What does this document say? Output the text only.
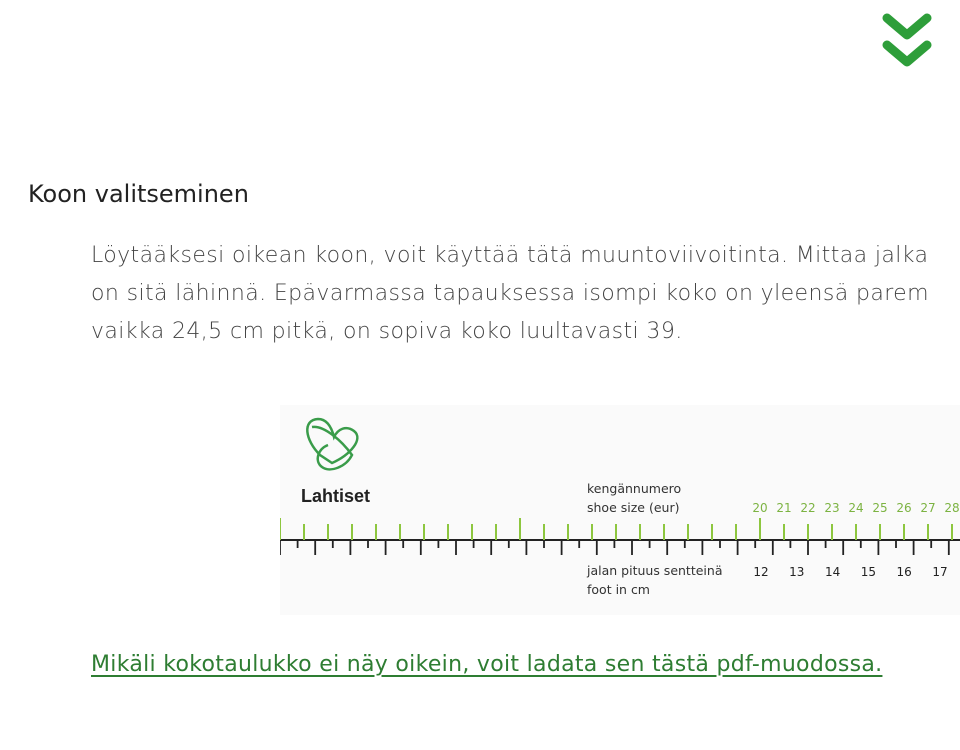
Koon valitseminen

Löytääksesi oikean koon, voit käyttää tätä muuntoviivoitinta. Mittaa jalka
on sitä lähinnä. Epävarmassa tapauksessa isompi koko on yleensä parem
vaikka 24,5 cm pitkä, on sopiva koko luultavasti 39.

Lahtiset	kengännumero
shoe size (eur)	20 21 22 23 24 25 26 27 28
12 13 14 15 16 17
jalan pituus sentteinä
foot in cm
Mikäli kokotaulukko ei näy oikein, voit ladata sen tästä pdf-muodossa.
